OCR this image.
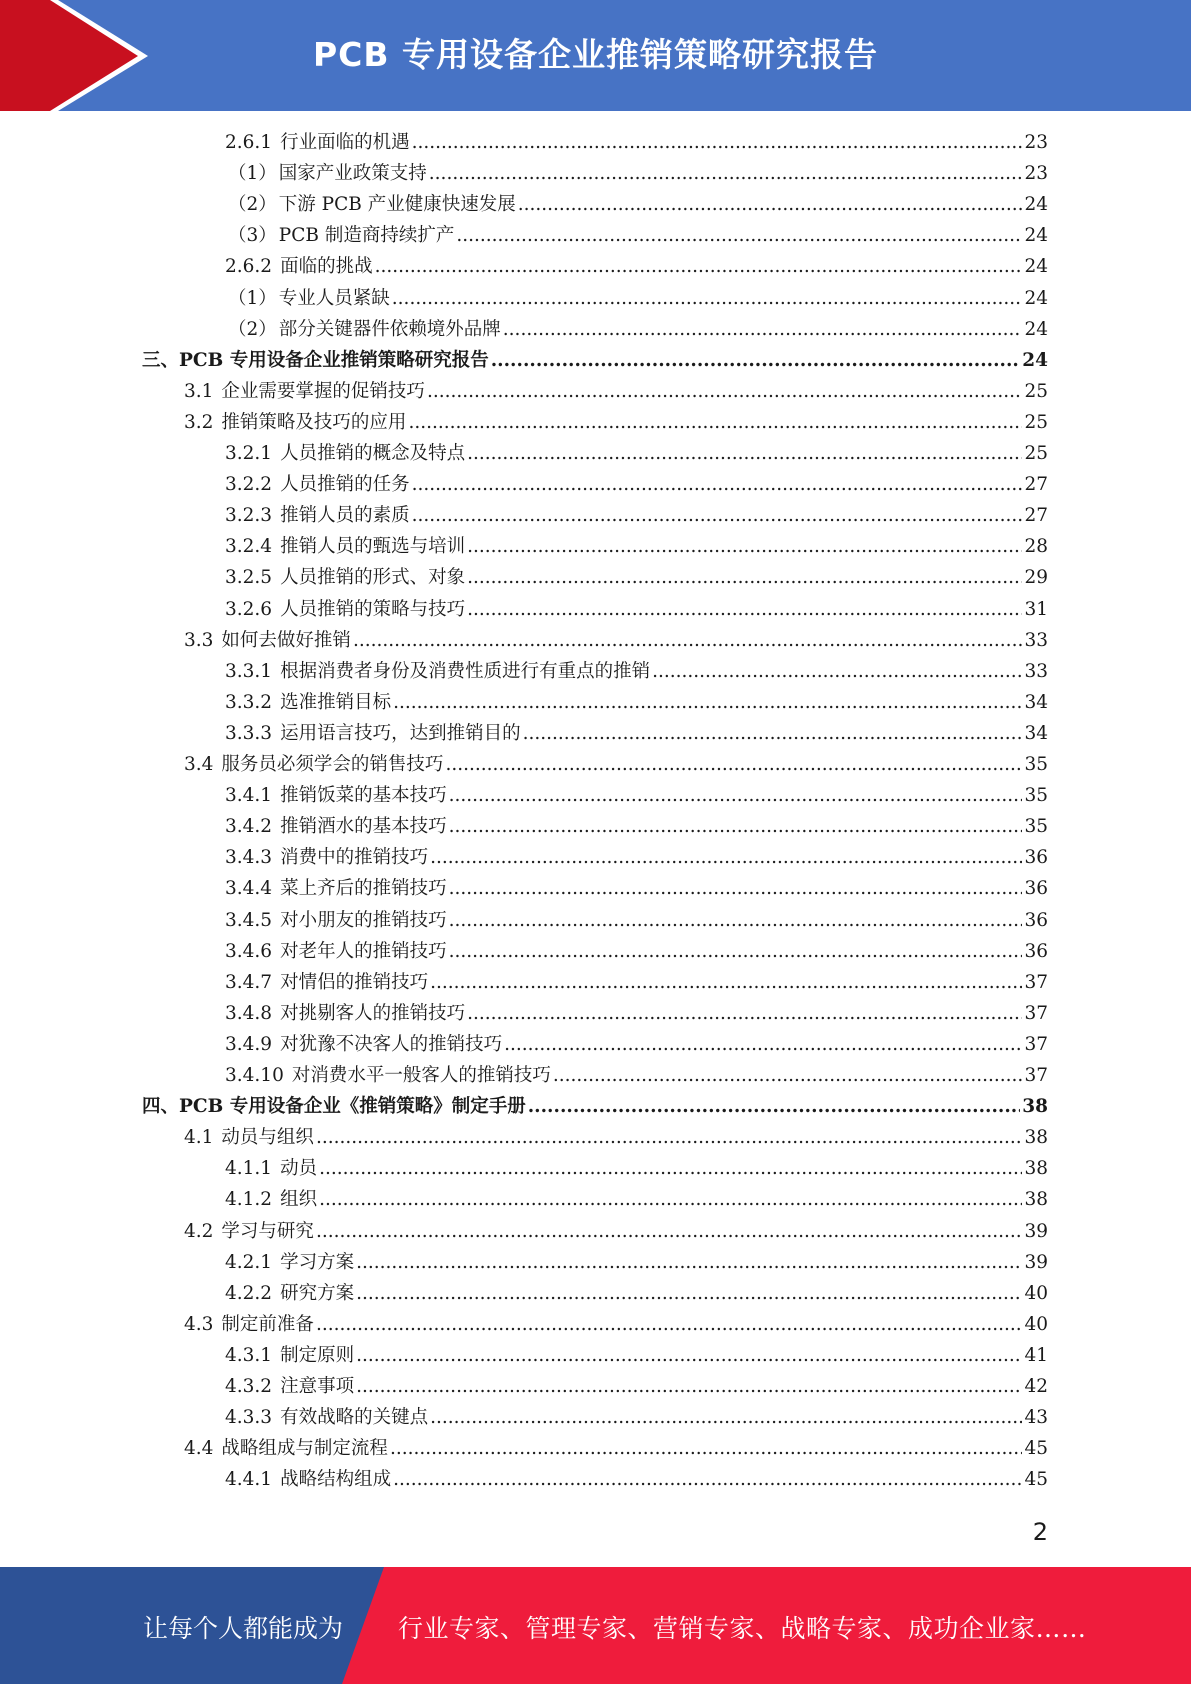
PCB 专用设备企业推销策略研究报告
2.6.1 行业面临的机遇 .....	23
（1） 国家产业政策支持 .....	23
（2） 下游 PCB 产业健康快速发展 .....	24
（3） PCB 制造商持续扩产 .....	24
2.6.2 面临的挑战 .....	24
（1） 专业人员紧缺 .....	24
（2） 部分关键器件依赖境外品牌 .....	24
三、 PCB 专用设备企业推销策略研究报告 .....	24
3.1 企业需要掌握的促销技巧 .....	25
3.2 推销策略及技巧的应用 .....	25
3.2.1 人员推销的概念及特点 .....	25
3.2.2 人员推销的任务 .....	27
3.2.3 推销人员的素质 .....	27
3.2.4 推销人员的甄选与培训 .....	28
3.2.5 人员推销的形式、对象 .....	29
3.2.6 人员推销的策略与技巧 .....	31
3.3 如何去做好推销 .....	33
3.3.1 根据消费者身份及消费性质进行有重点的推销 .....	33
3.3.2 选准推销目标 .....	34
3.3.3 运用语言技巧，达到推销目的 .....	34
3.4 服务员必须学会的销售技巧 .....	35
3.4.1 推销饭菜的基本技巧 .....	35
3.4.2 推销酒水的基本技巧 .....	35
3.4.3 消费中的推销技巧 .....	36
3.4.4 菜上齐后的推销技巧 .....	36
3.4.5 对小朋友的推销技巧 .....	36
3.4.6 对老年人的推销技巧 .....	36
3.4.7 对情侣的推销技巧 .....	37
3.4.8 对挑剔客人的推销技巧 .....	37
3.4.9 对犹豫不决客人的推销技巧 .....	37
3.4.10 对消费水平一般客人的推销技巧 .....	37
四、 PCB 专用设备企业《推销策略》制定手册 .....	38
4.1 动员与组织 .....	38
4.1.1 动员 .....	38
4.1.2 组织 .....	38
4.2 学习与研究 .....	39
4.2.1 学习方案 .....	39
4.2.2 研究方案 .....	40
4.3 制定前准备 .....	40
4.3.1 制定原则 .....	41
4.3.2 注意事项 .....	42
4.3.3 有效战略的关键点 .....	43
4.4 战略组成与制定流程 .....	45
4.4.1 战略结构组成 .....	45
2
让每个人都能成为 行业专家、管理专家、营销专家、战略专家、成功企业家……
